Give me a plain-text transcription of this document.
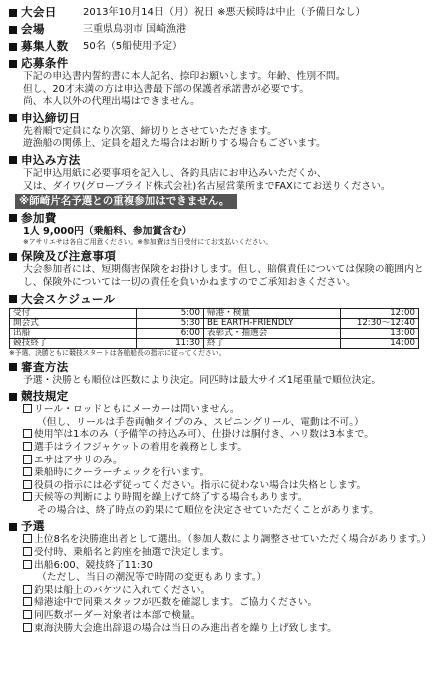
大会日	2013年10月14日（月）祝日 ※悪天候時は中止（予備日なし）
会場	三重県鳥羽市 国崎漁港
募集人数	50名（5船使用予定）
応募条件

下記の申込書内誓約書に本人記名、捺印お願いします。年齢、性別不問。

但し、20才未満の方は申込書最下部の保護者承諾書が必要です。

尚、本人以外の代理出場はできません。

申込締切日

先着順で定員になり次第、締切りとさせていただきます。

遊漁船の関係上、定員を超えた場合はお断りする場合もございます。

申込み方法

下記申込用紙に必要事項を記入し、各釣具店にお申込みいただくか、

又は、ダイワ(グローブライド株式会社)名古屋営業所までFAXにてお送りください。

※師崎片名予選との重複参加はできません。
参加費

1人 9,000円（乗船料、参加賞含む）

※アサリエサは各自ご用意ください。※参加費は当日受付にてお支払いください。

保険及び注意事項

大会参加者には、短期傷害保険をお掛けします。但し、賠償責任については保険の範囲内と

し、保険外については一切の責任を負いかねますのでご承知おきください。

大会スケジュール
受付	5:00	帰港・検量	12:00
開会式	5:30	BE EARTH-FRIENDLY	12:30～12:40
出船	6:00	表彰式・抽選会	13:00
競技終了	11:30	終了	14:00

※予選、決勝ともに競技スタートは各船船長の指示に従ってください。

審査方法

予選・決勝とも順位は匹数により決定。同匹時は最大サイズ1尾重量で順位決定。

競技規定

リール・ロッドともにメーカーは問いません。

（但し、リールは手巻両軸タイプのみ、スピニングリール、電動は不可。）

使用竿は1本のみ（予備竿の持込み可）、仕掛けは胴付き、ハリ数は3本まで。

選手はライフジャケットの着用を義務とします。

エサはアサリのみ。

乗船時にクーラーチェックを行います。

役員の指示には必ず従ってください。指示に従わない場合は失格とします。

天候等の判断により時間を繰上げて終了する場合もあります。

その場合は、終了時点の釣果にて順位を決定させていただくことがあります。

予選

上位8名を決勝進出者として選出。（参加人数により調整させていただく場合があります。）

受付時、乗船名と釣座を抽選で決定します。

出船6:00、競技終了11:30

（ただし、当日の潮況等で時間の変更もあります。）

釣果は船上のバケツに入れてください。

帰港途中で同乗スタッフが匹数を確認します。ご協力ください。

同匹数ボーダー対象者は本部で検量。

東海決勝大会進出辞退の場合は当日のみ進出者を繰り上げ致します。
